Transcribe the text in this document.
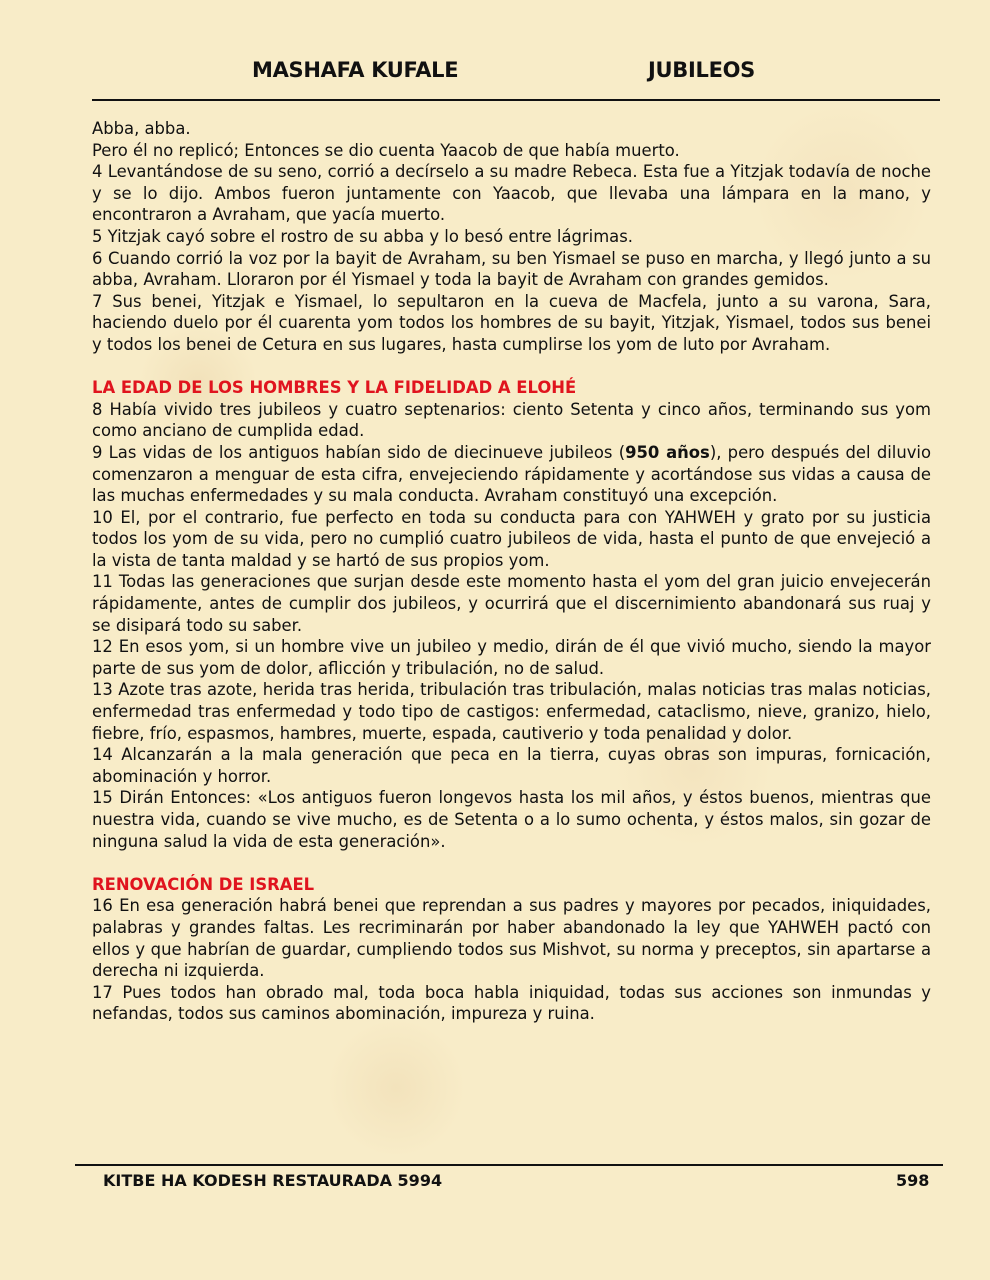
MASHAFA KUFALE	JUBILEOS

Abba, abba.

Pero él no replicó; Entonces se dio cuenta Yaacob de que había muerto.

4 Levantándose de su seno, corrió a decírselo a su madre Rebeca. Esta fue a Yitzjak todavía de noche y se lo dijo. Ambos fueron juntamente con Yaacob, que llevaba una lámpara en la mano, y encontraron a Avraham, que yacía muerto.

5 Yitzjak cayó sobre el rostro de su abba y lo besó entre lágrimas.

6 Cuando corrió la voz por la bayit de Avraham, su ben Yismael se puso en marcha, y llegó junto a su abba, Avraham. Lloraron por él Yismael y toda la bayit de Avraham con grandes gemidos.

7 Sus benei, Yitzjak e Yismael, lo sepultaron en la cueva de Macfela, junto a su varona, Sara, haciendo duelo por él cuarenta yom todos los hombres de su bayit, Yitzjak, Yismael, todos sus benei y todos los benei de Cetura en sus lugares, hasta cumplirse los yom de luto por Avraham.

LA EDAD DE LOS HOMBRES Y LA FIDELIDAD A ELOHÉ

8 Había vivido tres jubileos y cuatro septenarios: ciento Setenta y cinco años, terminando sus yom como anciano de cumplida edad.

9 Las vidas de los antiguos habían sido de diecinueve jubileos (950 años), pero después del diluvio comenzaron a menguar de esta cifra, envejeciendo rápidamente y acortándose sus vidas a causa de las muchas enfermedades y su mala conducta. Avraham constituyó una excepción.

10 El, por el contrario, fue perfecto en toda su conducta para con YAHWEH y grato por su justicia todos los yom de su vida, pero no cumplió cuatro jubileos de vida, hasta el punto de que envejeció a la vista de tanta maldad y se hartó de sus propios yom.

11 Todas las generaciones que surjan desde este momento hasta el yom del gran juicio envejecerán rápidamente, antes de cumplir dos jubileos, y ocurrirá que el discernimiento abandonará sus ruaj y se disipará todo su saber.

12 En esos yom, si un hombre vive un jubileo y medio, dirán de él que vivió mucho, siendo la mayor parte de sus yom de dolor, aflicción y tribulación, no de salud.

13 Azote tras azote, herida tras herida, tribulación tras tribulación, malas noticias tras malas noticias, enfermedad tras enfermedad y todo tipo de castigos: enfermedad, cataclismo, nieve, granizo, hielo, fiebre, frío, espasmos, hambres, muerte, espada, cautiverio y toda penalidad y dolor.

14 Alcanzarán a la mala generación que peca en la tierra, cuyas obras son impuras, fornicación, abominación y horror.

15 Dirán Entonces: «Los antiguos fueron longevos hasta los mil años, y éstos buenos, mientras que nuestra vida, cuando se vive mucho, es de Setenta o a lo sumo ochenta, y éstos malos, sin gozar de ninguna salud la vida de esta generación».

RENOVACIÓN DE ISRAEL

16 En esa generación habrá benei que reprendan a sus padres y mayores por pecados, iniquidades, palabras y grandes faltas. Les recriminarán por haber abandonado la ley que YAHWEH pactó con ellos y que habrían de guardar, cumpliendo todos sus Mishvot, su norma y preceptos, sin apartarse a derecha ni izquierda.

17 Pues todos han obrado mal, toda boca habla iniquidad, todas sus acciones son inmundas y nefandas, todos sus caminos abominación, impureza y ruina.

KITBE HA KODESH RESTAURADA 5994	598
